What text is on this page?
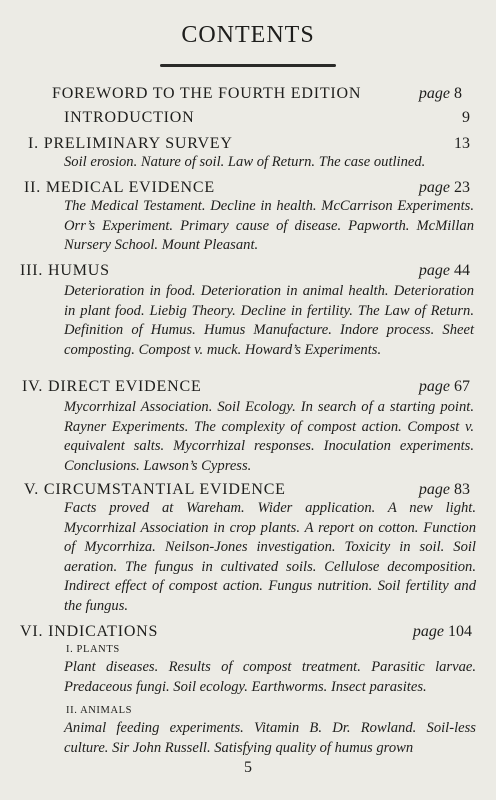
CONTENTS
FOREWORD TO THE FOURTH EDITION	page 8
INTRODUCTION	9
I. PRELIMINARY SURVEY	13
Soil erosion. Nature of soil. Law of Return. The case outlined.
II. MEDICAL EVIDENCE	page 23
The Medical Testament. Decline in health. McCarrison Experiments. Orr’s Experiment. Primary cause of disease. Papworth. McMillan Nursery School. Mount Pleasant.
III. HUMUS	page 44
Deterioration in food. Deterioration in animal health. Deterioration in plant food. Liebig Theory. Decline in fertility. The Law of Return. Definition of Humus. Humus Manufacture. Indore process. Sheet composting. Compost v. muck. Howard’s Experiments.
IV. DIRECT EVIDENCE	page 67
Mycorrhizal Association. Soil Ecology. In search of a starting point. Rayner Experiments. The complexity of compost action. Compost v. equivalent salts. Mycorrhizal responses. Inoculation experiments. Conclusions. Lawson’s Cypress.
V. CIRCUMSTANTIAL EVIDENCE	page 83
Facts proved at Wareham. Wider application. A new light. Mycorrhizal Association in crop plants. A report on cotton. Function of Mycorrhiza. Neilson-Jones investigation. Toxicity in soil. Soil aeration. The fungus in cultivated soils. Cellulose decomposition. Indirect effect of compost action. Fungus nutrition. Soil fertility and the fungus.
VI. INDICATIONS	page 104
I. PLANTS
Plant diseases. Results of compost treatment. Parasitic larvae. Predaceous fungi. Soil ecology. Earthworms. Insect parasites.
II. ANIMALS
Animal feeding experiments. Vitamin B. Dr. Rowland. Soil-less culture. Sir John Russell. Satisfying quality of humus grown
5
